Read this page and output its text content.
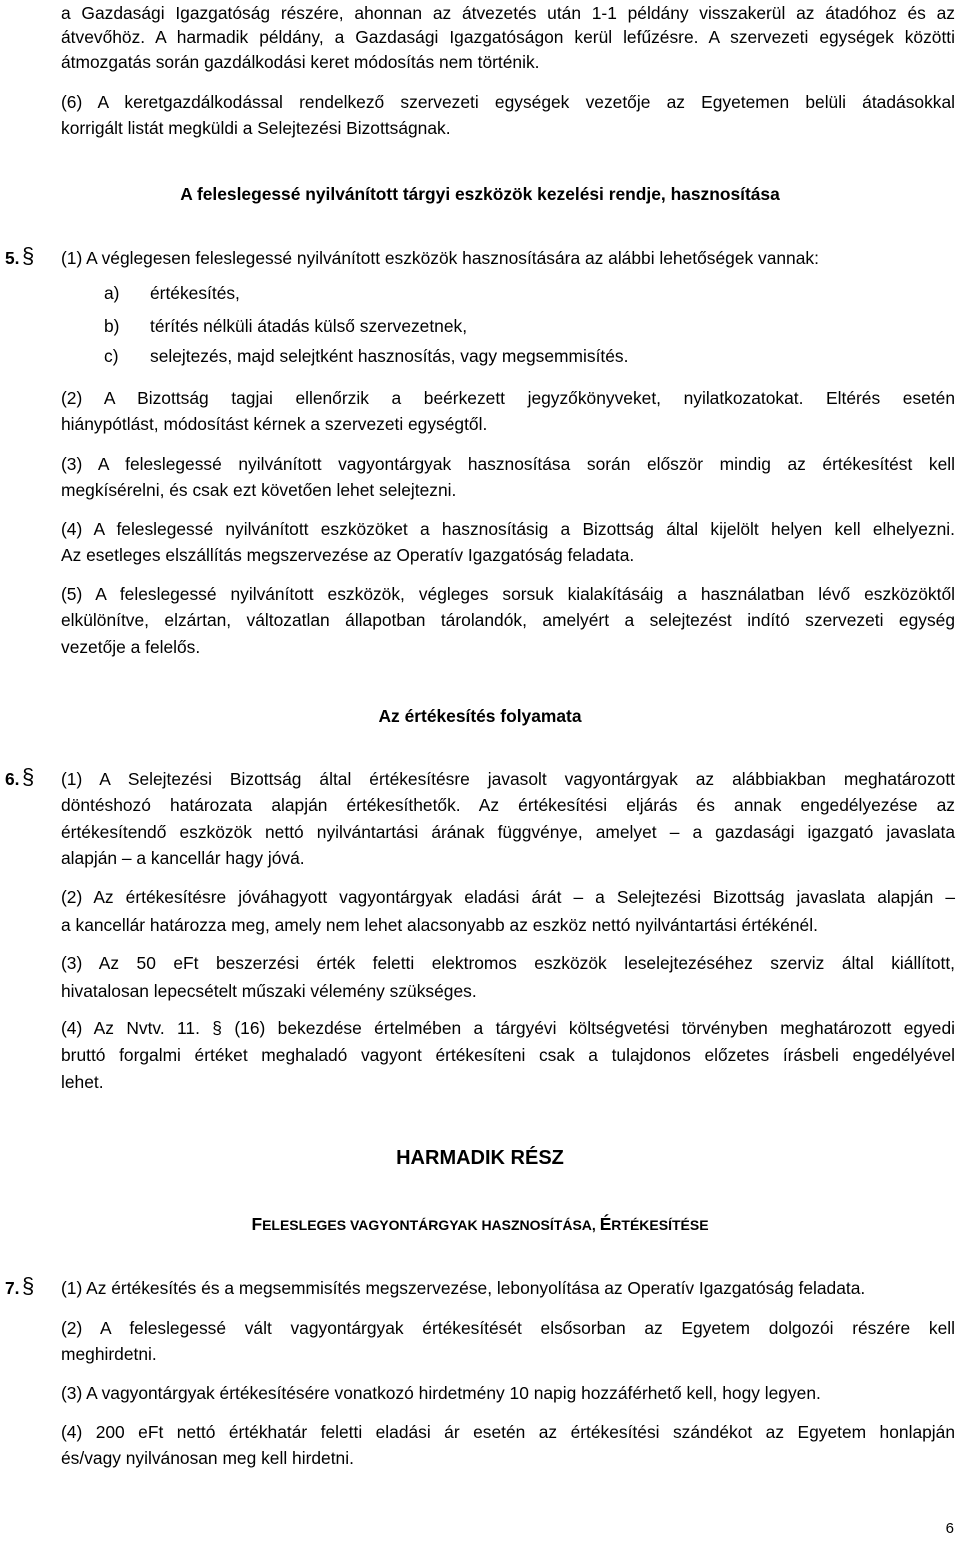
a Gazdasági Igazgatóság részére, ahonnan az átvezetés után 1-1 példány visszakerül az átadóhoz és az
átvevőhöz. A harmadik példány, a Gazdasági Igazgatóságon kerül lefűzésre. A szervezeti egységek közötti
átmozgatás során gazdálkodási keret módosítás nem történik.
(6) A keretgazdálkodással rendelkező szervezeti egységek vezetője az Egyetemen belüli átadásokkal
korrigált listát megküldi a Selejtezési Bizottságnak.
A feleslegessé nyilvánított tárgyi eszközök kezelési rendje, hasznosítása
5. § (1) A véglegesen feleslegessé nyilvánított eszközök hasznosítására az alábbi lehetőségek vannak:
a) értékesítés,
b) térítés nélküli átadás külső szervezetnek,
c) selejtezés, majd selejtként hasznosítás, vagy megsemmisítés.
(2) A Bizottság tagjai ellenőrzik a beérkezett jegyzőkönyveket, nyilatkozatokat. Eltérés esetén
hiánypótlást, módosítást kérnek a szervezeti egységtől.
(3) A feleslegessé nyilvánított vagyontárgyak hasznosítása során először mindig az értékesítést kell
megkísérelni, és csak ezt követően lehet selejtezni.
(4) A feleslegessé nyilvánított eszközöket a hasznosításig a Bizottság által kijelölt helyen kell elhelyezni.
Az esetleges elszállítás megszervezése az Operatív Igazgatóság feladata.
(5) A feleslegessé nyilvánított eszközök, végleges sorsuk kialakításáig a használatban lévő eszközöktől
elkülönítve, elzártan, változatlan állapotban tárolandók, amelyért a selejtezést indító szervezeti egység
vezetője a felelős.
Az értékesítés folyamata
6. § (1) A Selejtezési Bizottság által értékesítésre javasolt vagyontárgyak az alábbiakban meghatározott
döntéshozó határozata alapján értékesíthetők. Az értékesítési eljárás és annak engedélyezése az
értékesítendő eszközök nettó nyilvántartási árának függvénye, amelyet – a gazdasági igazgató javaslata
alapján – a kancellár hagy jóvá.
(2) Az értékesítésre jóváhagyott vagyontárgyak eladási árát – a Selejtezési Bizottság javaslata alapján –
a kancellár határozza meg, amely nem lehet alacsonyabb az eszköz nettó nyilvántartási értékénél.
(3) Az 50 eFt beszerzési érték feletti elektromos eszközök leselejtezéséhez szerviz által kiállított,
hivatalosan lepecsételt műszaki vélemény szükséges.
(4) Az Nvtv. 11. § (16) bekezdése értelmében a tárgyévi költségvetési törvényben meghatározott egyedi
bruttó forgalmi értéket meghaladó vagyont értékesíteni csak a tulajdonos előzetes írásbeli engedélyével
lehet.
HARMADIK RÉSZ
FELESLEGES VAGYONTÁRGYAK HASZNOSÍTÁSA, ÉRTÉKESÍTÉSE
7. § (1) Az értékesítés és a megsemmisítés megszervezése, lebonyolítása az Operatív Igazgatóság feladata.
(2) A feleslegessé vált vagyontárgyak értékesítését elsősorban az Egyetem dolgozói részére kell
meghirdetni.
(3) A vagyontárgyak értékesítésére vonatkozó hirdetmény 10 napig hozzáférhető kell, hogy legyen.
(4) 200 eFt nettó értékhatár feletti eladási ár esetén az értékesítési szándékot az Egyetem honlapján
és/vagy nyilvánosan meg kell hirdetni.
6
